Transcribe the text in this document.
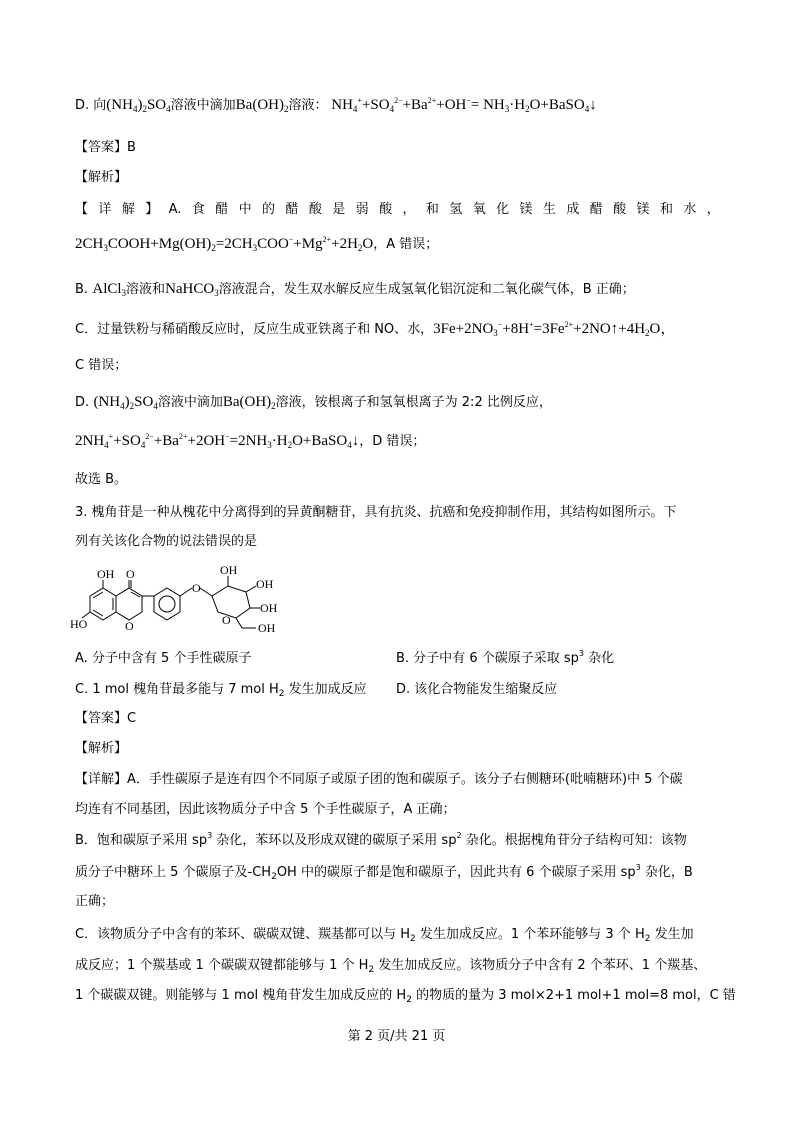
D. 向$(NH_4)_2SO_4$溶液中滴加$Ba(OH)_2$溶液： $NH_4^++SO_4^{2-}+Ba^{2+}+OH^-=$ $NH_3\cdot H_2O+BaSO_4↓$
【答案】B
【解析】
【 详 解 】 A. 食 醋 中 的 醋 酸 是 弱 酸 ， 和 氢 氧 化 镁 生 成 醋 酸 镁 和 水 ，
$2CH_3COOH+Mg(OH)_2=2CH_3COO^-+Mg^{2+}+2H_2O$，A 错误；
B. AlCl$_3$溶液和NaHCO$_3$溶液混合，发生双水解反应生成氢氧化铝沉淀和二氧化碳气体，B 正确；
C．过量铁粉与稀硝酸反应时，反应生成亚铁离子和 NO、水，$3Fe+2NO_3^-+8H^+=3Fe^{2+}+2NO↑+4H_2O$，
C 错误；
D. $(NH_4)_2SO_4$溶液中滴加$Ba(OH)_2$溶液，铵根离子和氢氧根离子为 2:2 比例反应，
$2NH_4^++SO_4^{2-}+Ba^{2+}+2OH^-=2NH_3\cdot H_2O+BaSO_4↓$，D 错误；
故选 B。
3. 槐角苷是一种从槐花中分离得到的异黄酮糖苷，具有抗炎、抗癌和免疫抑制作用，其结构如图所示。下
列有关该化合物的说法错误的是
OH O
HO	O
O
OH
OH
OH
O
OH
A. 分子中含有 5 个手性碳原子	B. 分子中有 6 个碳原子采取 $sp^3$ 杂化
C. 1 mol 槐角苷最多能与 7 mol $H_2$ 发生加成反应 D. 该化合物能发生缩聚反应
【答案】C
【解析】
【详解】A．手性碳原子是连有四个不同原子或原子团的饱和碳原子。该分子右侧糖环(吡喃糖环)中 5 个碳
均连有不同基团，因此该物质分子中含 5 个手性碳原子，A 正确；
B．饱和碳原子采用 $sp^3$ 杂化，苯环以及形成双键的碳原子采用 $sp^2$ 杂化。根据槐角苷分子结构可知：该物
质分子中糖环上 5 个碳原子及$-CH_2OH$ 中的碳原子都是饱和碳原子，因此共有 6 个碳原子采用 $sp^3$ 杂化，B
正确；
C．该物质分子中含有的苯环、碳碳双键、羰基都可以与 $H_2$ 发生加成反应。1 个苯环能够与 3 个 $H_2$ 发生加
成反应；1 个羰基或 1 个碳碳双键都能够与 1 个 $H_2$ 发生加成反应。该物质分子中含有 2 个苯环、1 个羰基、
1 个碳碳双键。则能够与 1 mol 槐角苷发生加成反应的 $H_2$ 的物质的量为 3 mol×2+1 mol+1 mol=8 mol，C 错
第 2 页/共 21 页
